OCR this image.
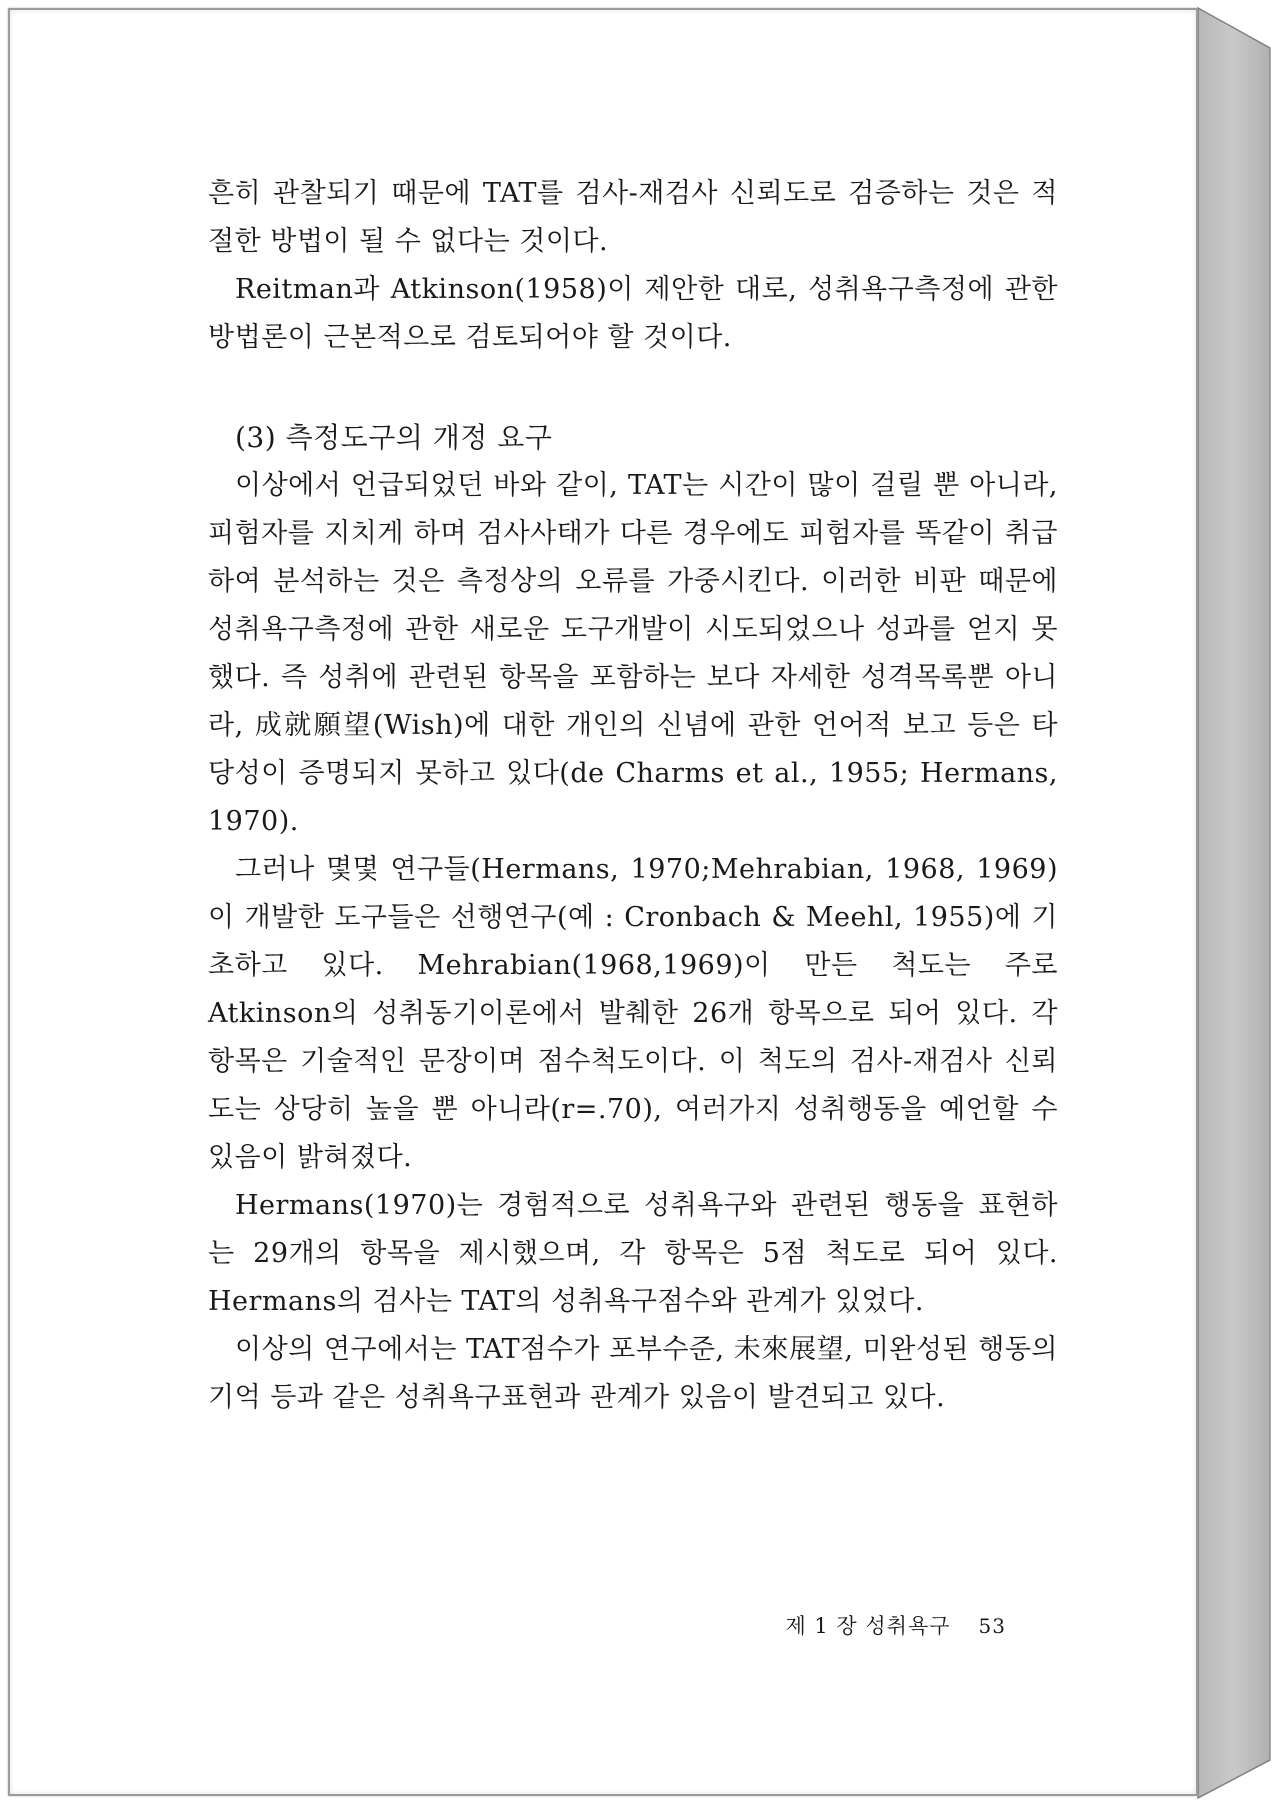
흔히 관찰되기 때문에 TAT를 검사-재검사 신뢰도로 검증하는 것은 적절한 방법이 될 수 없다는 것이다.

Reitman과 Atkinson(1958)이 제안한 대로, 성취욕구측정에 관한 방법론이 근본적으로 검토되어야 할 것이다.

(3) 측정도구의 개정 요구

이상에서 언급되었던 바와 같이, TAT는 시간이 많이 걸릴 뿐 아니라, 피험자를 지치게 하며 검사사태가 다른 경우에도 피험자를 똑같이 취급하여 분석하는 것은 측정상의 오류를 가중시킨다. 이러한 비판 때문에 성취욕구측정에 관한 새로운 도구개발이 시도되었으나 성과를 얻지 못했다. 즉 성취에 관련된 항목을 포함하는 보다 자세한 성격목록뿐 아니라, 成就願望(Wish)에 대한 개인의 신념에 관한 언어적 보고 등은 타당성이 증명되지 못하고 있다(de Charms et al., 1955; Hermans, 1970).

그러나 몇몇 연구들(Hermans, 1970;Mehrabian, 1968, 1969)이 개발한 도구들은 선행연구(예 : Cronbach & Meehl, 1955)에 기초하고 있다. Mehrabian(1968,1969)이 만든 척도는 주로 Atkinson의 성취동기이론에서 발췌한 26개 항목으로 되어 있다. 각 항목은 기술적인 문장이며 점수척도이다. 이 척도의 검사-재검사 신뢰도는 상당히 높을 뿐 아니라(r=.70), 여러가지 성취행동을 예언할 수 있음이 밝혀졌다.

Hermans(1970)는 경험적으로 성취욕구와 관련된 행동을 표현하는 29개의 항목을 제시했으며, 각 항목은 5점 척도로 되어 있다. Hermans의 검사는 TAT의 성취욕구점수와 관계가 있었다.

이상의 연구에서는 TAT점수가 포부수준, 未來展望, 미완성된 행동의 기억 등과 같은 성취욕구표현과 관계가 있음이 발견되고 있다.

제 1 장 성취욕구 53
